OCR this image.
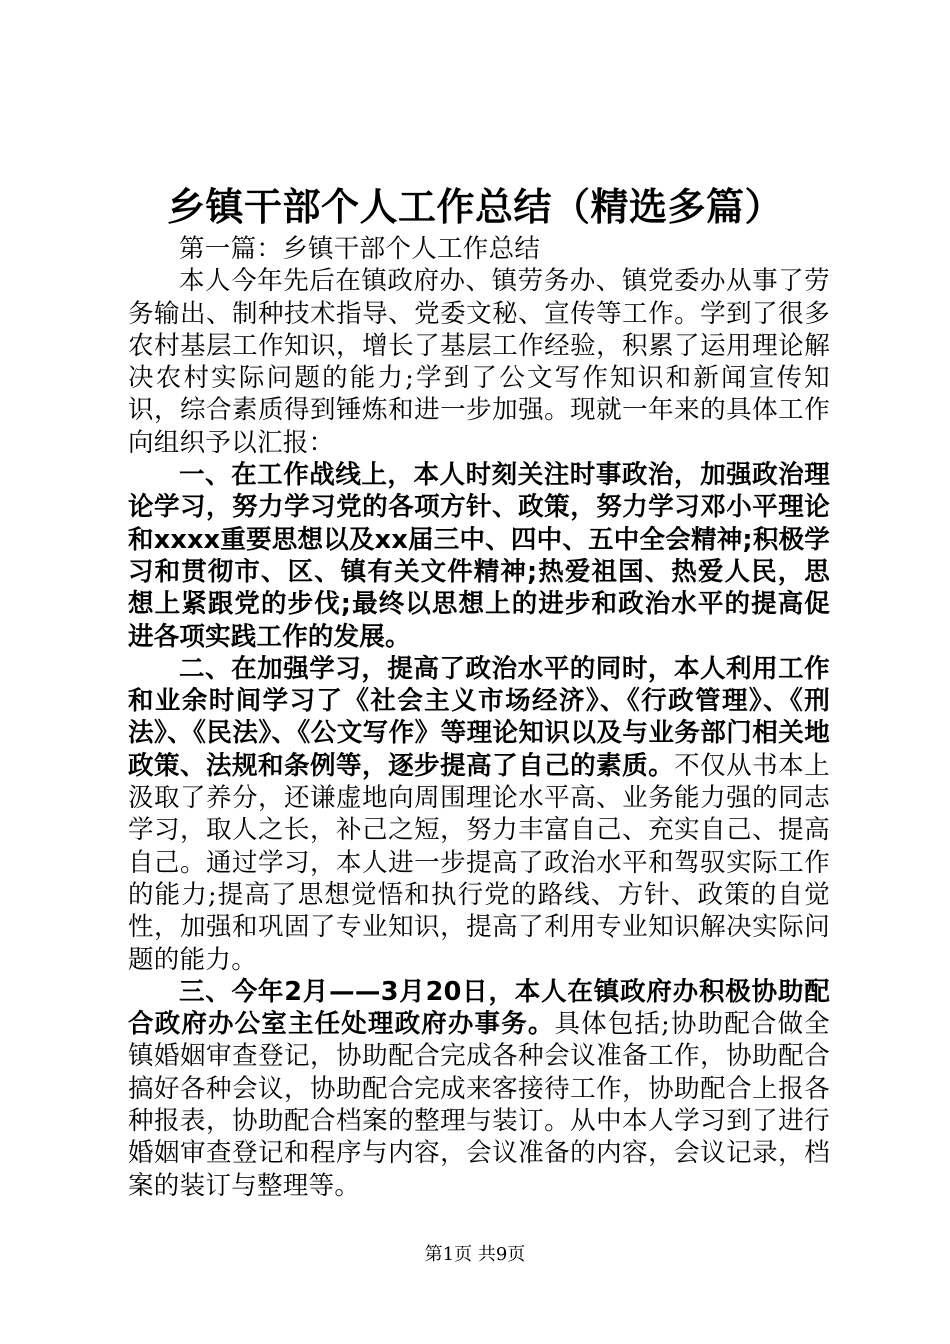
乡镇干部个人工作总结（精选多篇）

第一篇：乡镇干部个人工作总结

本人今年先后在镇政府办、镇劳务办、镇党委办从事了劳务输出、制种技术指导、党委文秘、宣传等工作。学到了很多农村基层工作知识，增长了基层工作经验，积累了运用理论解决农村实际问题的能力;学到了公文写作知识和新闻宣传知识，综合素质得到锤炼和进一步加强。现就一年来的具体工作向组织予以汇报：

一、在工作战线上，本人时刻关注时事政治，加强政治理论学习，努力学习党的各项方针、政策，努力学习邓小平理论和xxxx重要思想以及xx届三中、四中、五中全会精神;积极学习和贯彻市、区、镇有关文件精神;热爱祖国、热爱人民，思想上紧跟党的步伐;最终以思想上的进步和政治水平的提高促进各项实践工作的发展。

二、在加强学习，提高了政治水平的同时，本人利用工作和业余时间学习了《社会主义市场经济》、《行政管理》、《刑法》、《民法》、《公文写作》等理论知识以及与业务部门相关地政策、法规和条例等，逐步提高了自己的素质。不仅从书本上汲取了养分，还谦虚地向周围理论水平高、业务能力强的同志学习，取人之长，补己之短，努力丰富自己、充实自己、提高自己。通过学习，本人进一步提高了政治水平和驾驭实际工作的能力;提高了思想觉悟和执行党的路线、方针、政策的自觉性，加强和巩固了专业知识，提高了利用专业知识解决实际问题的能力。

三、今年2月——3月20日，本人在镇政府办积极协助配合政府办公室主任处理政府办事务。具体包括;协助配合做全镇婚姻审查登记，协助配合完成各种会议准备工作，协助配合搞好各种会议，协助配合完成来客接待工作，协助配合上报各种报表，协助配合档案的整理与装订。从中本人学习到了进行婚姻审查登记和程序与内容，会议准备的内容，会议记录，档案的装订与整理等。

第1页 共9页
